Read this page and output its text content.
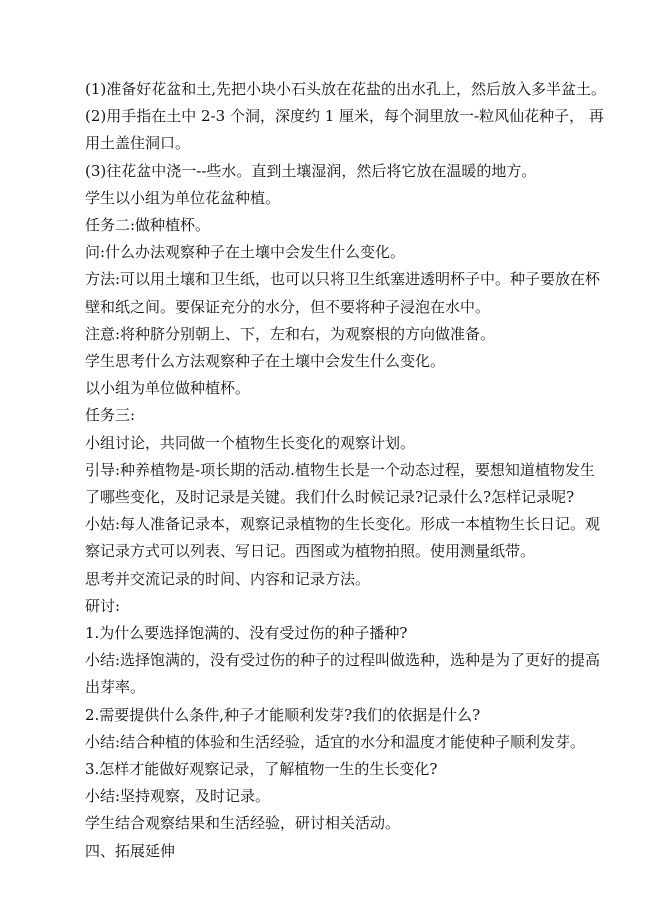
(1)准备好花盆和土,先把小块小石头放在花盐的出水孔上，然后放入多半盆土。

(2)用手指在土中 2-3 个洞，深度约 1 厘米，每个洞里放一-粒风仙花种子， 再

用土盖住洞口。

(3)往花盆中浇一--些水。直到土壤湿润，然后将它放在温暖的地方。

学生以小组为单位花盆种植。

任务二:做种植杯。

问:什么办法观察种子在土壤中会发生什么变化。

方法:可以用土壤和卫生纸，也可以只将卫生纸塞进透明杯子中。种子要放在杯

壁和纸之间。要保证充分的水分，但不要将种子浸泡在水中。

注意:将种脐分别朝上、下，左和右，为观察根的方向做准备。

学生思考什么方法观察种子在土壤中会发生什么变化。

以小组为单位做种植杯。

任务三:

小组讨论，共同做一个植物生长变化的观察计划。

引导:种养植物是-项长期的活动.植物生长是一个动态过程，要想知道植物发生

了哪些变化，及时记录是关键。我们什么时候记录?记录什么?怎样记录呢?

小姑:每人准备记录本，观察记录植物的生长变化。形成一本植物生长日记。观

察记录方式可以列表、写日记。西图或为植物拍照。使用测量纸带。

思考并交流记录的时间、内容和记录方法。

研讨:

1.为什么要选择饱满的、没有受过伤的种子播种?

小结:选择饱满的，没有受过伤的种子的过程叫做选种，选种是为了更好的提高

出芽率。

2.需要提供什么条件,种子才能顺利发芽?我们的依据是什么?

小结:结合种植的体验和生活经验，适宜的水分和温度才能使种子顺利发芽。

3.怎样才能做好观察记录，了解植物一生的生长变化?

小结:坚持观察，及时记录。

学生结合观察结果和生活经验，研讨相关活动。

四、拓展延伸
